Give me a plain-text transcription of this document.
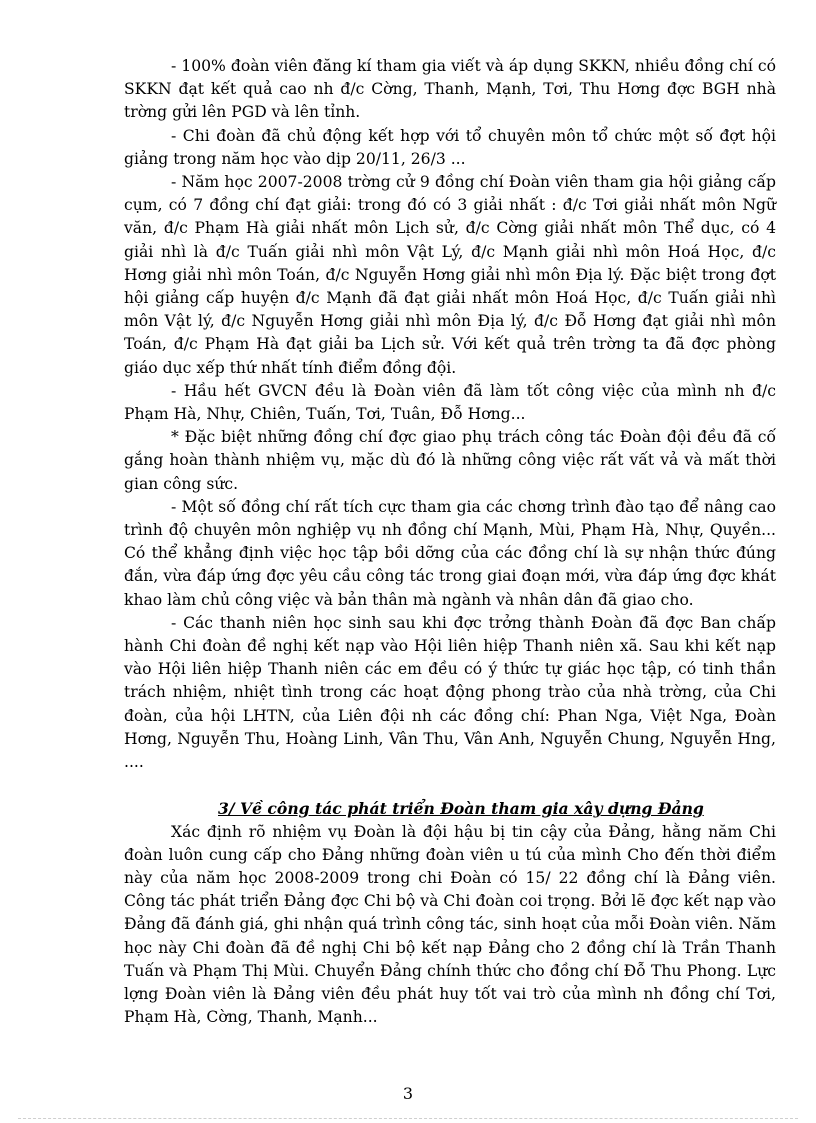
- 100% đoàn viên đăng kí tham gia viết và áp dụng SKKN, nhiều đồng chí có SKKN đạt kết quả cao nh đ/c Cờng, Thanh, Mạnh, Tơi, Thu Hơng đợc BGH nhà trờng gửi lên PGD và lên tỉnh.

- Chi đoàn đã chủ động kết hợp với tổ chuyên môn tổ chức một số đợt hội giảng trong năm học vào dịp 20/11, 26/3 ...

- Năm học 2007-2008 trờng cử 9 đồng chí Đoàn viên tham gia hội giảng cấp cụm, có 7 đồng chí đạt giải: trong đó có 3 giải nhất : đ/c Tơi giải nhất môn Ngữ văn, đ/c Phạm Hà giải nhất môn Lịch sử, đ/c Cờng giải nhất môn Thể dục, có 4 giải nhì là đ/c Tuấn giải nhì môn Vật Lý, đ/c Mạnh giải nhì môn Hoá Học, đ/c Hơng giải nhì môn Toán, đ/c Nguyễn Hơng giải nhì môn Địa lý. Đặc biệt trong đợt hội giảng cấp huyện đ/c Mạnh đã đạt giải nhất môn Hoá Học, đ/c Tuấn giải nhì môn Vật lý, đ/c Nguyễn Hơng giải nhì môn Địa lý, đ/c Đỗ Hơng đạt giải nhì môn Toán, đ/c Phạm Hà đạt giải ba Lịch sử. Với kết quả trên trờng ta đã đợc phòng giáo dục xếp thứ nhất tính điểm đồng đội.

- Hầu hết GVCN đều là Đoàn viên đã làm tốt công việc của mình nh đ/c Phạm Hà, Nhự, Chiên, Tuấn, Tơi, Tuân, Đỗ Hơng...

* Đặc biệt những đồng chí đợc giao phụ trách công tác Đoàn đội đều đã cố gắng hoàn thành nhiệm vụ, mặc dù đó là những công việc rất vất vả và mất thời gian công sức.

- Một số đồng chí rất tích cực tham gia các chơng trình đào tạo để nâng cao trình độ chuyên môn nghiệp vụ nh đồng chí Mạnh, Mùi, Phạm Hà, Nhự, Quyền... Có thể khẳng định việc học tập bồi dỡng của các đồng chí là sự nhận thức đúng đắn, vừa đáp ứng đợc yêu cầu công tác trong giai đoạn mới, vừa đáp ứng đợc khát khao làm chủ công việc và bản thân mà ngành và nhân dân đã giao cho.

- Các thanh niên học sinh sau khi đợc trởng thành Đoàn đã đợc Ban chấp hành Chi đoàn đề nghị kết nạp vào Hội liên hiệp Thanh niên xã. Sau khi kết nạp vào Hội liên hiệp Thanh niên các em đều có ý thức tự giác học tập, có tinh thần trách nhiệm, nhiệt tình trong các hoạt động phong trào của nhà trờng, của Chi đoàn, của hội LHTN, của Liên đội nh các đồng chí: Phan Nga, Việt Nga, Đoàn Hơng, Nguyễn Thu, Hoàng Linh, Vân Thu, Vân Anh, Nguyễn Chung, Nguyễn Hng, ....

3/ Về công tác phát triển Đoàn tham gia xây dựng Đảng

Xác định rõ nhiệm vụ Đoàn là đội hậu bị tin cậy của Đảng, hằng năm Chi đoàn luôn cung cấp cho Đảng những đoàn viên u tú của mình Cho đến thời điểm này của năm học 2008-2009 trong chi Đoàn có 15/ 22 đồng chí là Đảng viên. Công tác phát triển Đảng đợc Chi bộ và Chi đoàn coi trọng. Bởi lẽ đợc kết nạp vào Đảng đã đánh giá, ghi nhận quá trình công tác, sinh hoạt của mỗi Đoàn viên. Năm học này Chi đoàn đã đề nghị Chi bộ kết nạp Đảng cho 2 đồng chí là Trần Thanh Tuấn và Phạm Thị Mùi. Chuyển Đảng chính thức cho đồng chí Đỗ Thu Phong. Lực lợng Đoàn viên là Đảng viên đều phát huy tốt vai trò của mình nh đồng chí Tơi, Phạm Hà, Cờng, Thanh, Mạnh...

3
